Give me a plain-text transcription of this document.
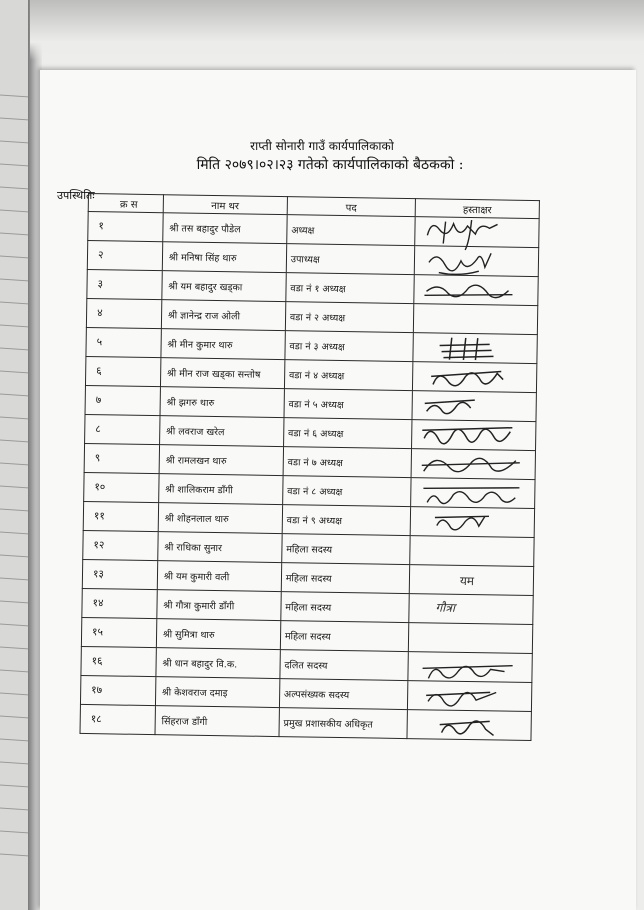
राप्ती सोनारी गाउँ कार्यपालिकाको
मिति २०७९।०२।२३ गतेको कार्यपालिकाको बैठकको :
उपस्थितिः
क्र स	नाम थर	पद	हस्ताक्षर
१	श्री तस बहादुर पौडेल	अध्यक्ष	

२	श्री मनिषा सिंह थारु	उपाध्यक्ष	

३	श्री यम बहादुर खड्का	वडा नं १ अध्यक्ष	

४	श्री ज्ञानेन्द्र राज ओली	वडा नं २ अध्यक्ष	
५	श्री मीन कुमार थारु	वडा नं ३ अध्यक्ष	

६	श्री मीन राज खड्का सन्तोष	वडा नं ४ अध्यक्ष	

७	श्री झगरु थारु	वडा नं ५ अध्यक्ष	

८	श्री लवराज खरेल	वडा नं ६ अध्यक्ष	

९	श्री रामलखन थारु	वडा नं ७ अध्यक्ष	

१०	श्री शालिकराम डाँगी	वडा नं ८ अध्यक्ष	

११	श्री शोहनलाल थारु	वडा नं ९ अध्यक्ष	

१२	श्री राधिका सुनार	महिला सदस्य	
१३	श्री यम कुमारी वली	महिला सदस्य	यम

१४	श्री गौत्रा कुमारी डाँगी	महिला सदस्य	गौत्रा

१५	श्री सुमित्रा थारु	महिला सदस्य	
१६	श्री धान बहादुर वि.क.	दलित सदस्य	

१७	श्री केशवराज दमाइ	अल्पसंख्यक सदस्य	

१८	सिंहराज डाँगी	प्रमुख प्रशासकीय अधिकृत	
